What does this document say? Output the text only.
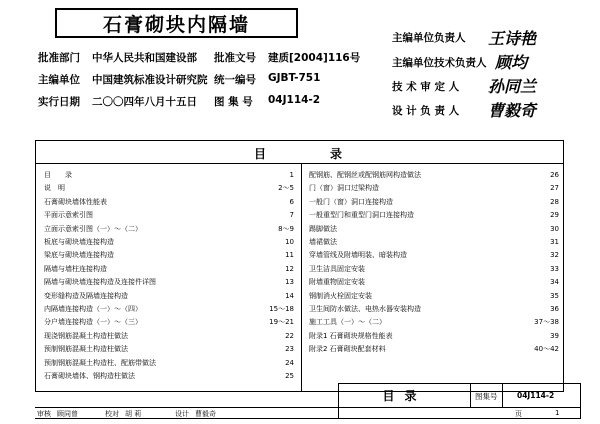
石膏砌块内隔墙
批准部门 中华人民共和国建设部 批准文号 建质[2004]116号
主编单位 中国建筑标准设计研究院 统一编号 GJBT-751
实行日期 二〇〇四年八月十五日 图 集 号 04J114-2
主编单位负责人 王诗艳
主编单位技术负责人 顾均
技 术 审 定 人 孙同兰
设 计 负 责 人 曹毅奇
目	录
目　　录	1
说　明	2～5
石膏砌块墙体性能表	6
平面示意索引图	7
立面示意索引图（一）～（二）	8～9
板底与砌块墙连接构造	10
梁底与砌块墙连接构造	11
隔墙与墙柱连接构造	12
隔墙与砌块墙连接构造及连接件详图	13
变形缝构造及隔墙连接构造	14
内隔墙连接构造（一）～（四）	15～18
分户墙连接构造（一）～（三）	19～21
现浇钢筋混凝土构造柱做法	22
预制钢筋混凝土构造柱做法	23
预制钢筋混凝土构造柱、配筋带做法	24
石膏砌块墙体、钢构造柱做法	25
配钢筋、配钢丝或配钢筋网构造做法	26
门（窗）洞口过梁构造	27
一般门（窗）洞口连接构造	28
一般重型门和重型门洞口连接构造	29
踢脚做法	30
墙裙做法	31
穿墙管线及附墙明装、暗装构造	32
卫生洁具固定安装	33
附墙重物固定安装	34
钢制消火栓固定安装	35
卫生间防水做法、电热水器安装构造	36
施工工具（一）～（二）	37～38
附录1 石膏砌块规格性能表	39
附录2 石膏砌块配套材料	40～42
目录	图集号	04J114-2
审核 顾同曾	校对 胡 莉	设计 曹毅奇	页	1
